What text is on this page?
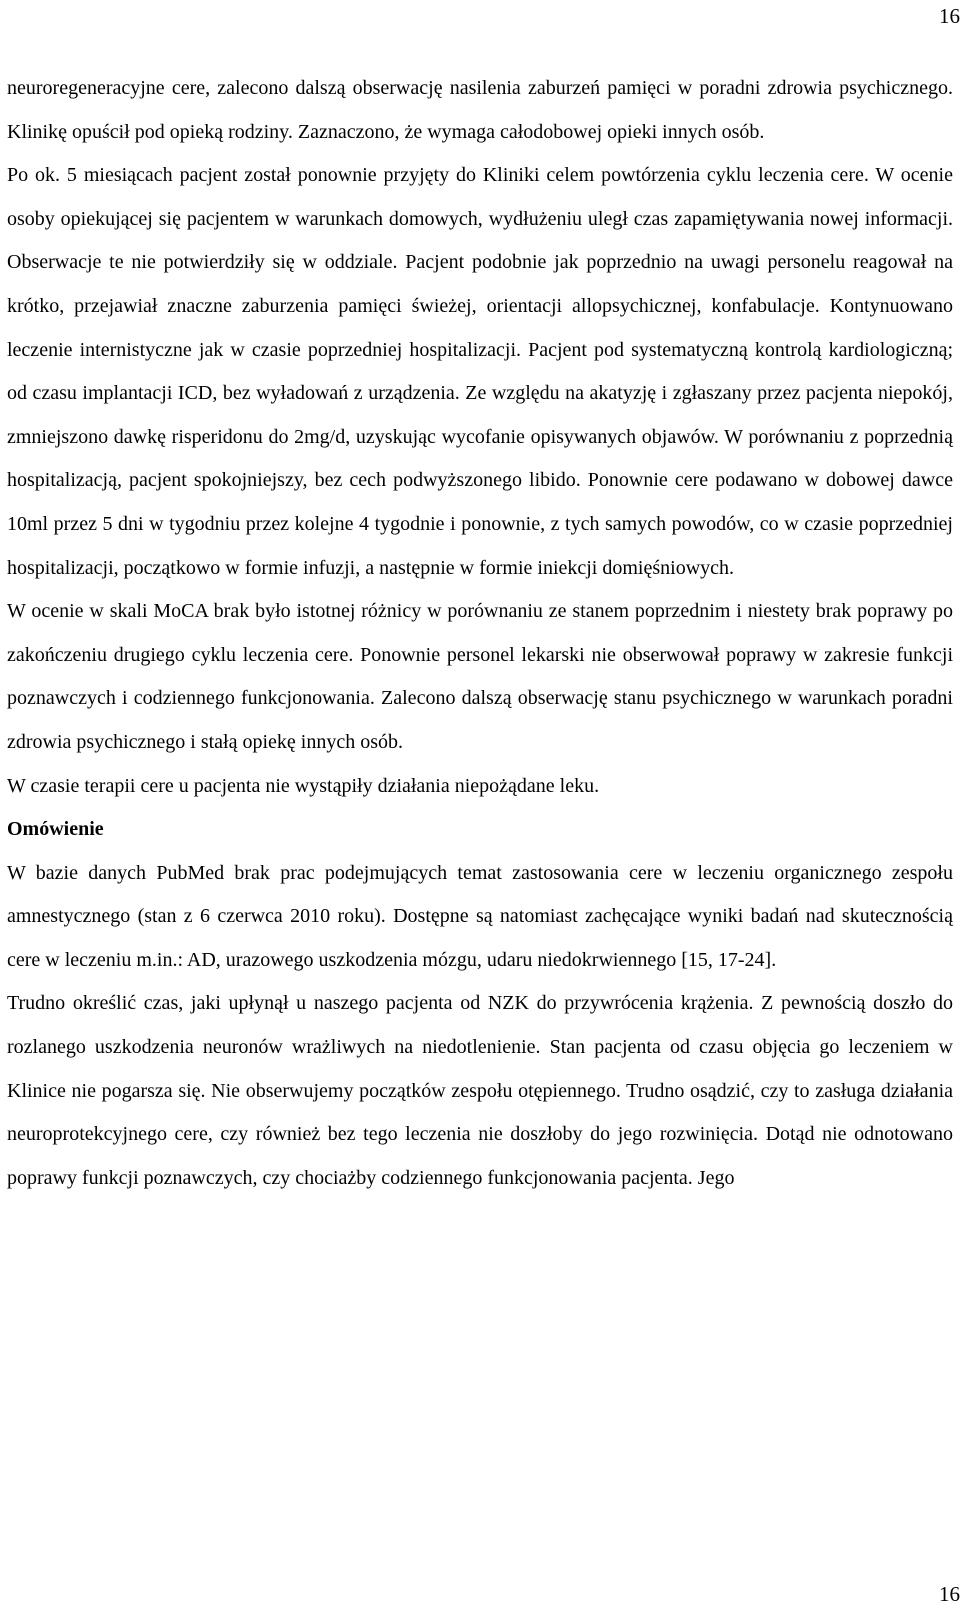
16

neuroregeneracyjne cere, zalecono dalszą obserwację nasilenia zaburzeń pamięci w poradni zdrowia psychicznego. Klinikę opuścił pod opieką rodziny. Zaznaczono, że wymaga całodobowej opieki innych osób.

Po ok. 5 miesiącach pacjent został ponownie przyjęty do Kliniki celem powtórzenia cyklu leczenia cere. W ocenie osoby opiekującej się pacjentem w warunkach domowych, wydłużeniu uległ czas zapamiętywania nowej informacji. Obserwacje te nie potwierdziły się w oddziale. Pacjent podobnie jak poprzednio na uwagi personelu reagował na krótko, przejawiał znaczne zaburzenia pamięci świeżej, orientacji allopsychicznej, konfabulacje. Kontynuowano leczenie internistyczne jak w czasie poprzedniej hospitalizacji. Pacjent pod systematyczną kontrolą kardiologiczną; od czasu implantacji ICD, bez wyładowań z urządzenia. Ze względu na akatyzję i zgłaszany przez pacjenta niepokój, zmniejszono dawkę risperidonu do 2mg/d, uzyskując wycofanie opisywanych objawów. W porównaniu z poprzednią hospitalizacją, pacjent spokojniejszy, bez cech podwyższonego libido. Ponownie cere podawano w dobowej dawce 10ml przez 5 dni w tygodniu przez kolejne 4 tygodnie i ponownie, z tych samych powodów, co w czasie poprzedniej hospitalizacji, początkowo w formie infuzji, a następnie w formie iniekcji domięśniowych.

W ocenie w skali MoCA brak było istotnej różnicy w porównaniu ze stanem poprzednim i niestety brak poprawy po zakończeniu drugiego cyklu leczenia cere. Ponownie personel lekarski nie obserwował poprawy w zakresie funkcji poznawczych i codziennego funkcjonowania. Zalecono dalszą obserwację stanu psychicznego w warunkach poradni zdrowia psychicznego i stałą opiekę innych osób.

W czasie terapii cere u pacjenta nie wystąpiły działania niepożądane leku.

Omówienie

W bazie danych PubMed brak prac podejmujących temat zastosowania cere w leczeniu organicznego zespołu amnestycznego (stan z 6 czerwca 2010 roku). Dostępne są natomiast zachęcające wyniki badań nad skutecznością cere w leczeniu m.in.: AD, urazowego uszkodzenia mózgu, udaru niedokrwiennego [15, 17-24].

Trudno określić czas, jaki upłynął u naszego pacjenta od NZK do przywrócenia krążenia. Z pewnością doszło do rozlanego uszkodzenia neuronów wrażliwych na niedotlenienie. Stan pacjenta od czasu objęcia go leczeniem w Klinice nie pogarsza się. Nie obserwujemy początków zespołu otępiennego. Trudno osądzić, czy to zasługa działania neuroprotekcyjnego cere, czy również bez tego leczenia nie doszłoby do jego rozwinięcia. Dotąd nie odnotowano poprawy funkcji poznawczych, czy chociażby codziennego funkcjonowania pacjenta. Jego

16
